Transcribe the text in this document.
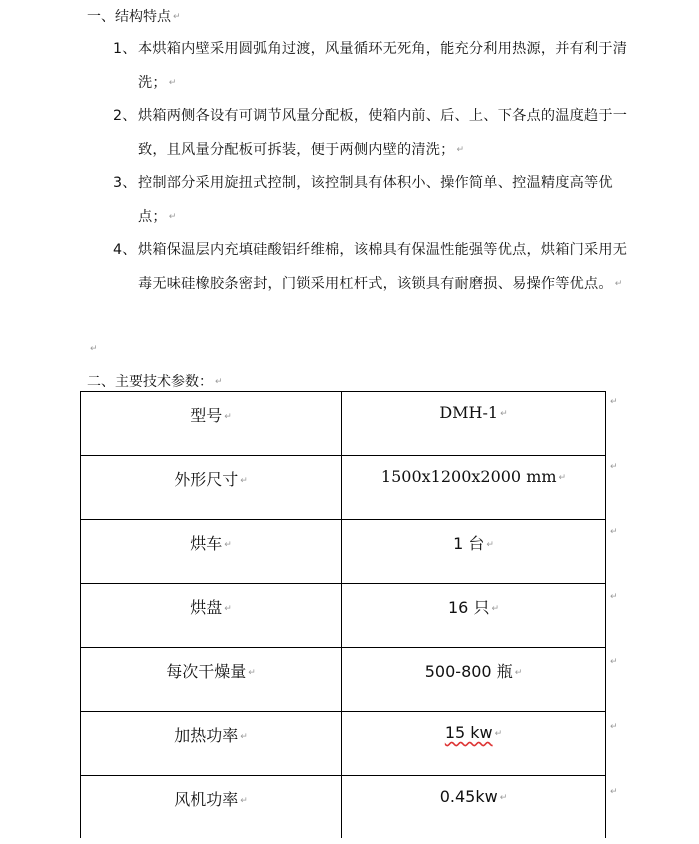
一、结构特点 ↵
1、 本烘箱内壁采用圆弧角过渡，风量循环无死角，能充分利用热源，并有利于清洗； ↵
2、 烘箱两侧各设有可调节风量分配板，使箱内前、后、上、下各点的温度趋于一致，且风量分配板可拆装，便于两侧内壁的清洗； ↵
3、 控制部分采用旋扭式控制，该控制具有体积小、操作简单、控温精度高等优点； ↵
4、 烘箱保温层内充填硅酸铝纤维棉，该棉具有保温性能强等优点，烘箱门采用无毒无味硅橡胶条密封，门锁采用杠杆式，该锁具有耐磨损、易操作等优点。 ↵
↵
二、主要技术参数： ↵
型号 ↵	DMH-1 ↵
外形尺寸 ↵	1500x1200x2000 mm ↵
烘车 ↵	1 台 ↵
烘盘 ↵	16 只 ↵
每次干燥量 ↵	500-800 瓶 ↵
加热功率 ↵	15 kw ↵
风机功率 ↵	0.45kw ↵
↵
↵
↵
↵
↵
↵
↵
